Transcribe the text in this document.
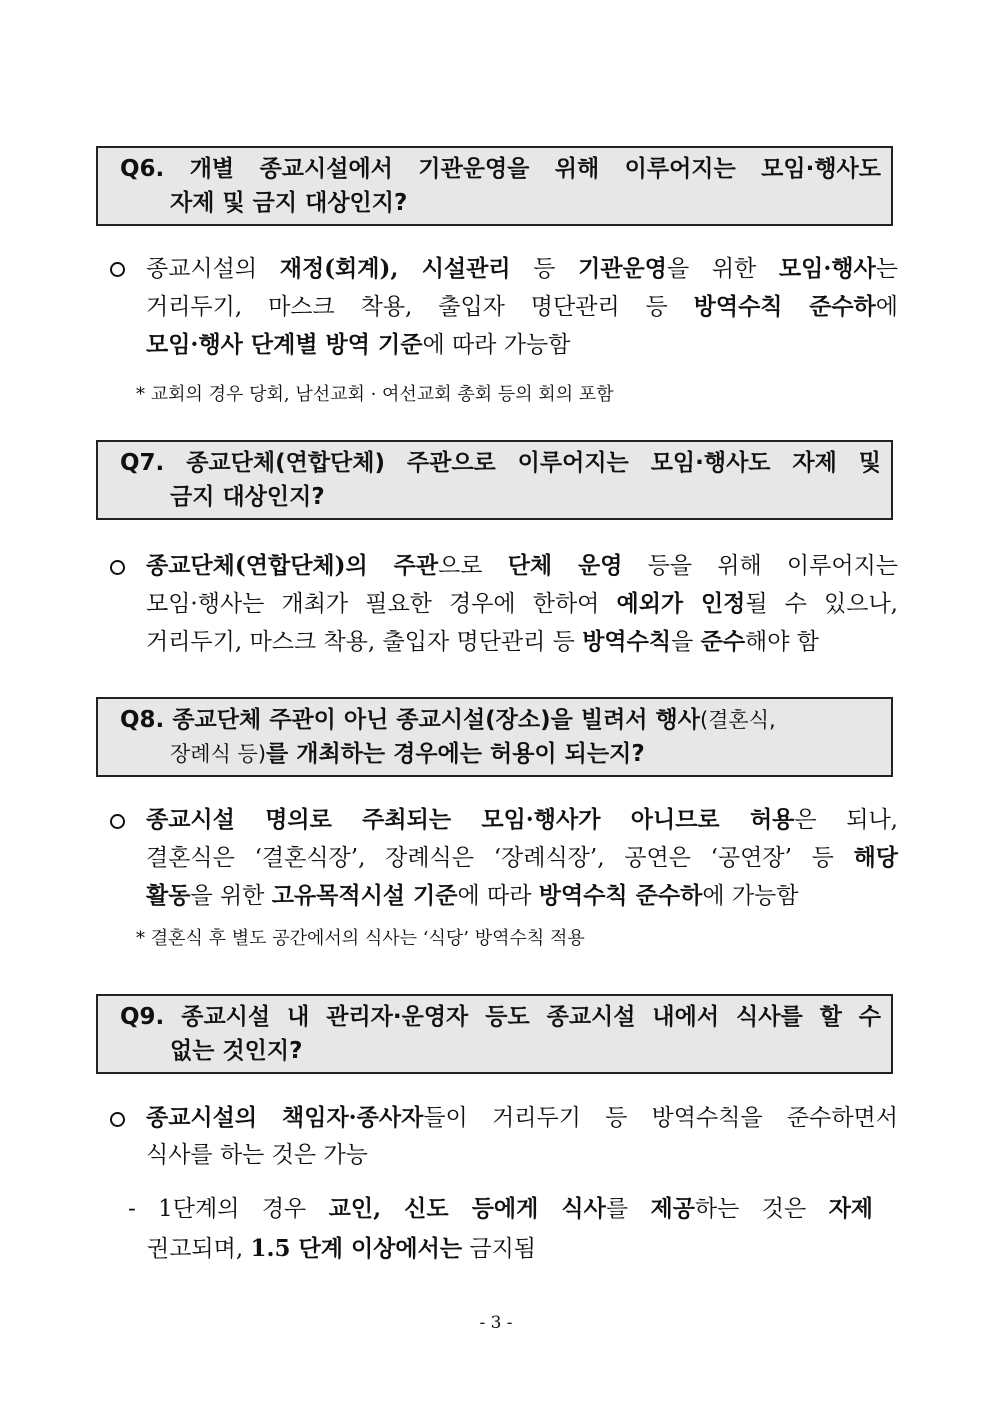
Q6. 개별 종교시설에서 기관운영을 위해 이루어지는 모임·행사도
자제 및 금지 대상인지?
종교시설의 재정(회계), 시설관리 등 기관운영을 위한 모임·행사는
거리두기, 마스크 착용, 출입자 명단관리 등 방역수칙 준수하에
모임·행사 단계별 방역 기준에 따라 가능함
* 교회의 경우 당회, 남선교회 · 여선교회 총회 등의 회의 포함
Q7. 종교단체(연합단체) 주관으로 이루어지는 모임·행사도 자제 및
금지 대상인지?
종교단체(연합단체)의 주관으로 단체 운영 등을 위해 이루어지는
모임·행사는 개최가 필요한 경우에 한하여 예외가 인정될 수 있으나,
거리두기, 마스크 착용, 출입자 명단관리 등 방역수칙을 준수해야 함
Q8. 종교단체 주관이 아닌 종교시설(장소)을 빌려서 행사(결혼식,
장례식 등)를 개최하는 경우에는 허용이 되는지?
종교시설 명의로 주최되는 모임·행사가 아니므로 허용은 되나,
결혼식은 ‘결혼식장’, 장례식은 ‘장례식장’, 공연은 ‘공연장’ 등 해당
활동을 위한 고유목적시설 기준에 따라 방역수칙 준수하에 가능함
* 결혼식 후 별도 공간에서의 식사는 ‘식당’ 방역수칙 적용
Q9. 종교시설 내 관리자·운영자 등도 종교시설 내에서 식사를 할 수
없는 것인지?
종교시설의 책임자·종사자들이 거리두기 등 방역수칙을 준수하면서
식사를 하는 것은 가능
- 1단계의 경우 교인, 신도 등에게 식사를 제공하는 것은 자제
권고되며, 1.5 단계 이상에서는 금지됨
- 3 -
